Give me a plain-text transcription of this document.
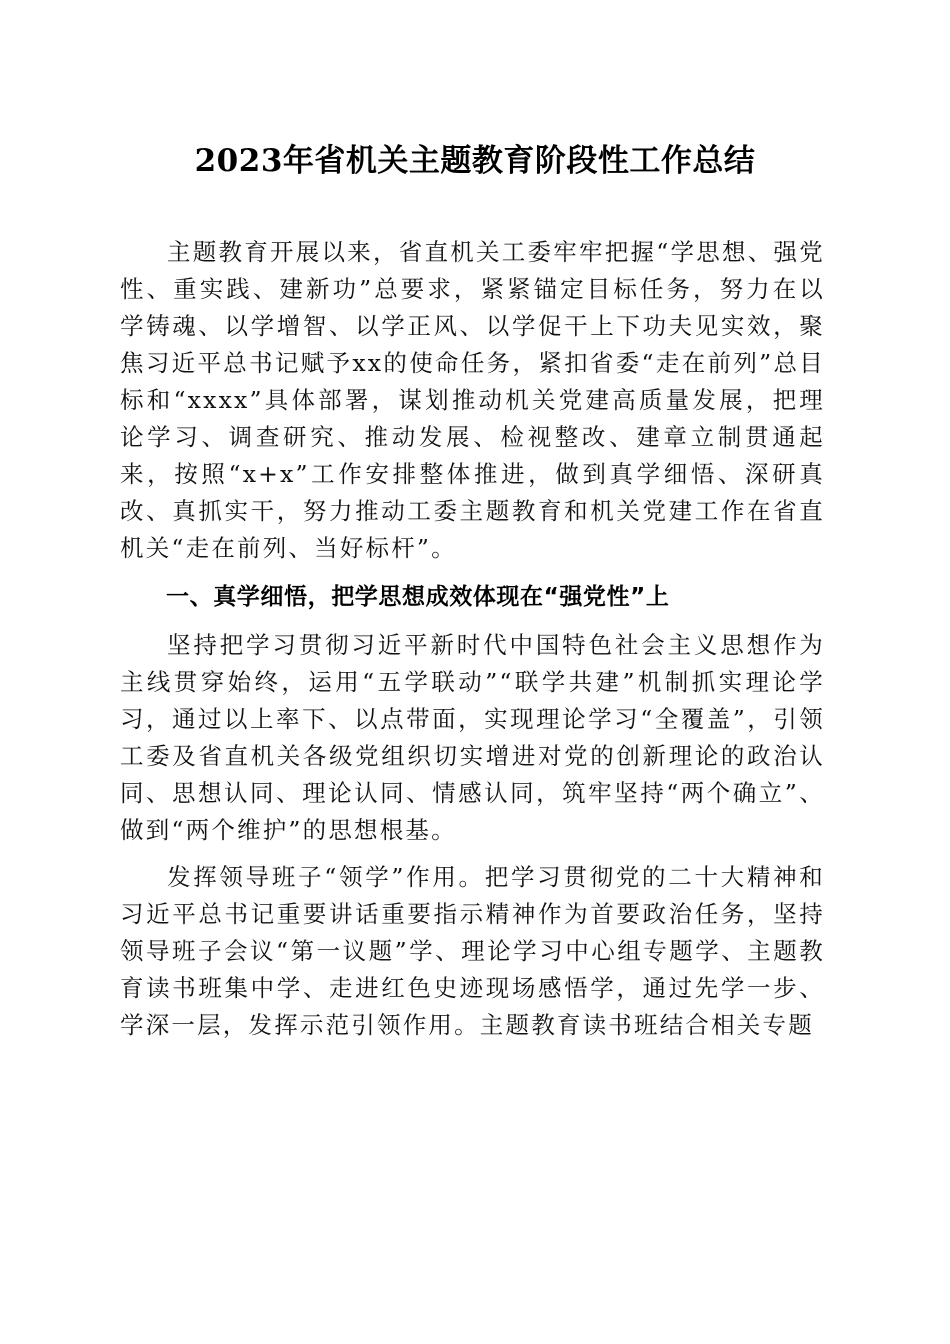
2023年省机关主题教育阶段性工作总结

主题教育开展以来，省直机关工委牢牢把握“学思想、强党性、重实践、建新功”总要求，紧紧锚定目标任务，努力在以学铸魂、以学增智、以学正风、以学促干上下功夫见实效，聚焦习近平总书记赋予xx的使命任务，紧扣省委“走在前列”总目标和“xxxx”具体部署，谋划推动机关党建高质量发展，把理论学习、调查研究、推动发展、检视整改、建章立制贯通起来，按照“x+x”工作安排整体推进，做到真学细悟、深研真改、真抓实干，努力推动工委主题教育和机关党建工作在省直机关“走在前列、当好标杆”。

一、真学细悟，把学思想成效体现在“强党性”上

坚持把学习贯彻习近平新时代中国特色社会主义思想作为主线贯穿始终，运用“五学联动”“联学共建”机制抓实理论学习，通过以上率下、以点带面，实现理论学习“全覆盖”，引领工委及省直机关各级党组织切实增进对党的创新理论的政治认同、思想认同、理论认同、情感认同，筑牢坚持“两个确立”、做到“两个维护”的思想根基。

发挥领导班子“领学”作用。把学习贯彻党的二十大精神和习近平总书记重要讲话重要指示精神作为首要政治任务，坚持领导班子会议“第一议题”学、理论学习中心组专题学、主题教育读书班集中学、走进红色史迹现场感悟学，通过先学一步、学深一层，发挥示范引领作用。主题教育读书班结合相关专题
